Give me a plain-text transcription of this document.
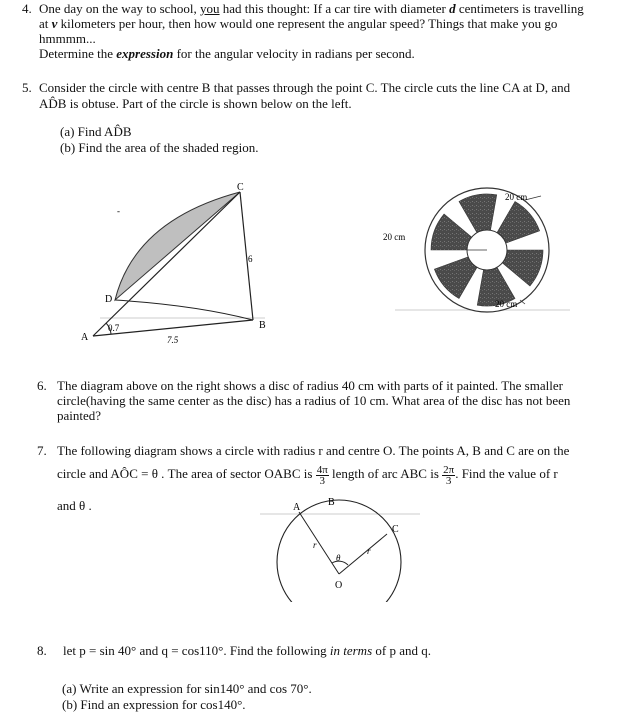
4. One day on the way to school, you had this thought: If a car tire with diameter d centimeters is travelling
at v kilometers per hour, then how would one represent the angular speed? Things that make you go
hmmmm...
Determine the expression for the angular velocity in radians per second.
5. Consider the circle with centre B that passes through the point C. The circle cuts the line CA at D, and
AD̂B is obtuse. Part of the circle is shown below on the left.
(a) Find AD̂B
(b) Find the area of the shaded region.
C
D
A
B
6
0.7
7.5
-
20 cm
20 cm
20 cm
6. The diagram above on the right shows a disc of radius 40 cm with parts of it painted. The smaller
circle(having the same center as the disc) has a radius of 10 cm. What area of the disc has not been
painted?
7. The following diagram shows a circle with radius r and centre O. The points A, B and C are on the
circle and AÔC = θ . The area of sector OABC is $\frac{4\pi}{3}$ length of arc ABC is $\frac{2\pi}{3}$ . Find the value of r
and θ .	A	B
C
O
r
r
θ
8. let p = sin 40° and q = cos110°. Find the following in terms of p and q.
(a) Write an expression for sin140° and cos 70°.
(b) Find an expression for cos140°.
